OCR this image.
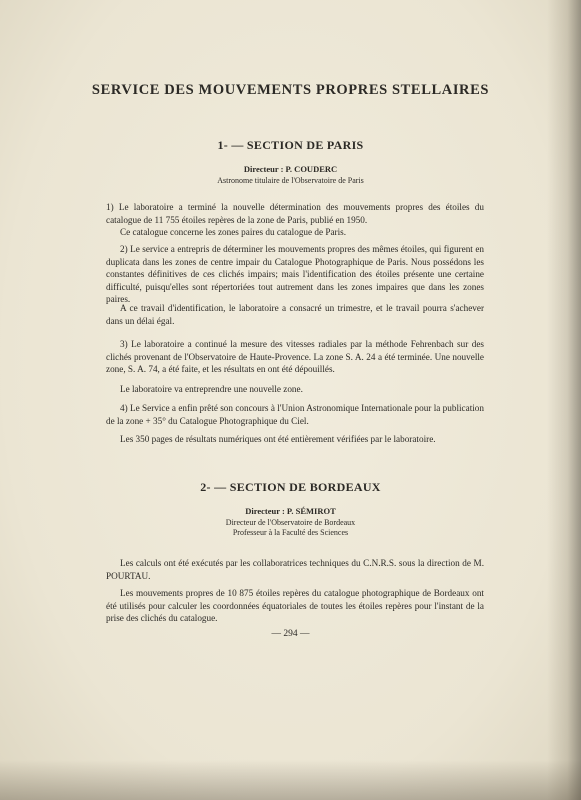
SERVICE DES MOUVEMENTS PROPRES STELLAIRES
1- — SECTION DE PARIS
Directeur : P. COUDERC
Astronome titulaire de l'Observatoire de Paris

1) Le laboratoire a terminé la nouvelle détermination des mouvements propres des étoiles du catalogue de 11 755 étoiles repères de la zone de Paris, publié en 1950.

Ce catalogue concerne les zones paires du catalogue de Paris.

2) Le service a entrepris de déterminer les mouvements propres des mêmes étoiles, qui figurent en duplicata dans les zones de centre impair du Catalogue Photographique de Paris. Nous possédons les constantes définitives de ces clichés impairs; mais l'identification des étoiles présente une certaine difficulté, puisqu'elles sont répertoriées tout autrement dans les zones impaires que dans les zones paires.

A ce travail d'identification, le laboratoire a consacré un trimestre, et le travail pourra s'achever dans un délai égal.

3) Le laboratoire a continué la mesure des vitesses radiales par la méthode Fehrenbach sur des clichés provenant de l'Observatoire de Haute-Provence. La zone S. A. 24 a été terminée. Une nouvelle zone, S. A. 74, a été faite, et les résultats en ont été dépouillés.

Le laboratoire va entreprendre une nouvelle zone.

4) Le Service a enfin prêté son concours à l'Union Astronomique Internationale pour la publication de la zone + 35° du Catalogue Photographique du Ciel.

Les 350 pages de résultats numériques ont été entièrement vérifiées par le laboratoire.

2- — SECTION DE BORDEAUX
Directeur : P. SÉMIROT
Directeur de l'Observatoire de Bordeaux
Professeur à la Faculté des Sciences

Les calculs ont été exécutés par les collaboratrices techniques du C.N.R.S. sous la direction de M. POURTAU.

Les mouvements propres de 10 875 étoiles repères du catalogue photographique de Bordeaux ont été utilisés pour calculer les coordonnées équatoriales de toutes les étoiles repères pour l'instant de la prise des clichés du catalogue.

— 294 —
